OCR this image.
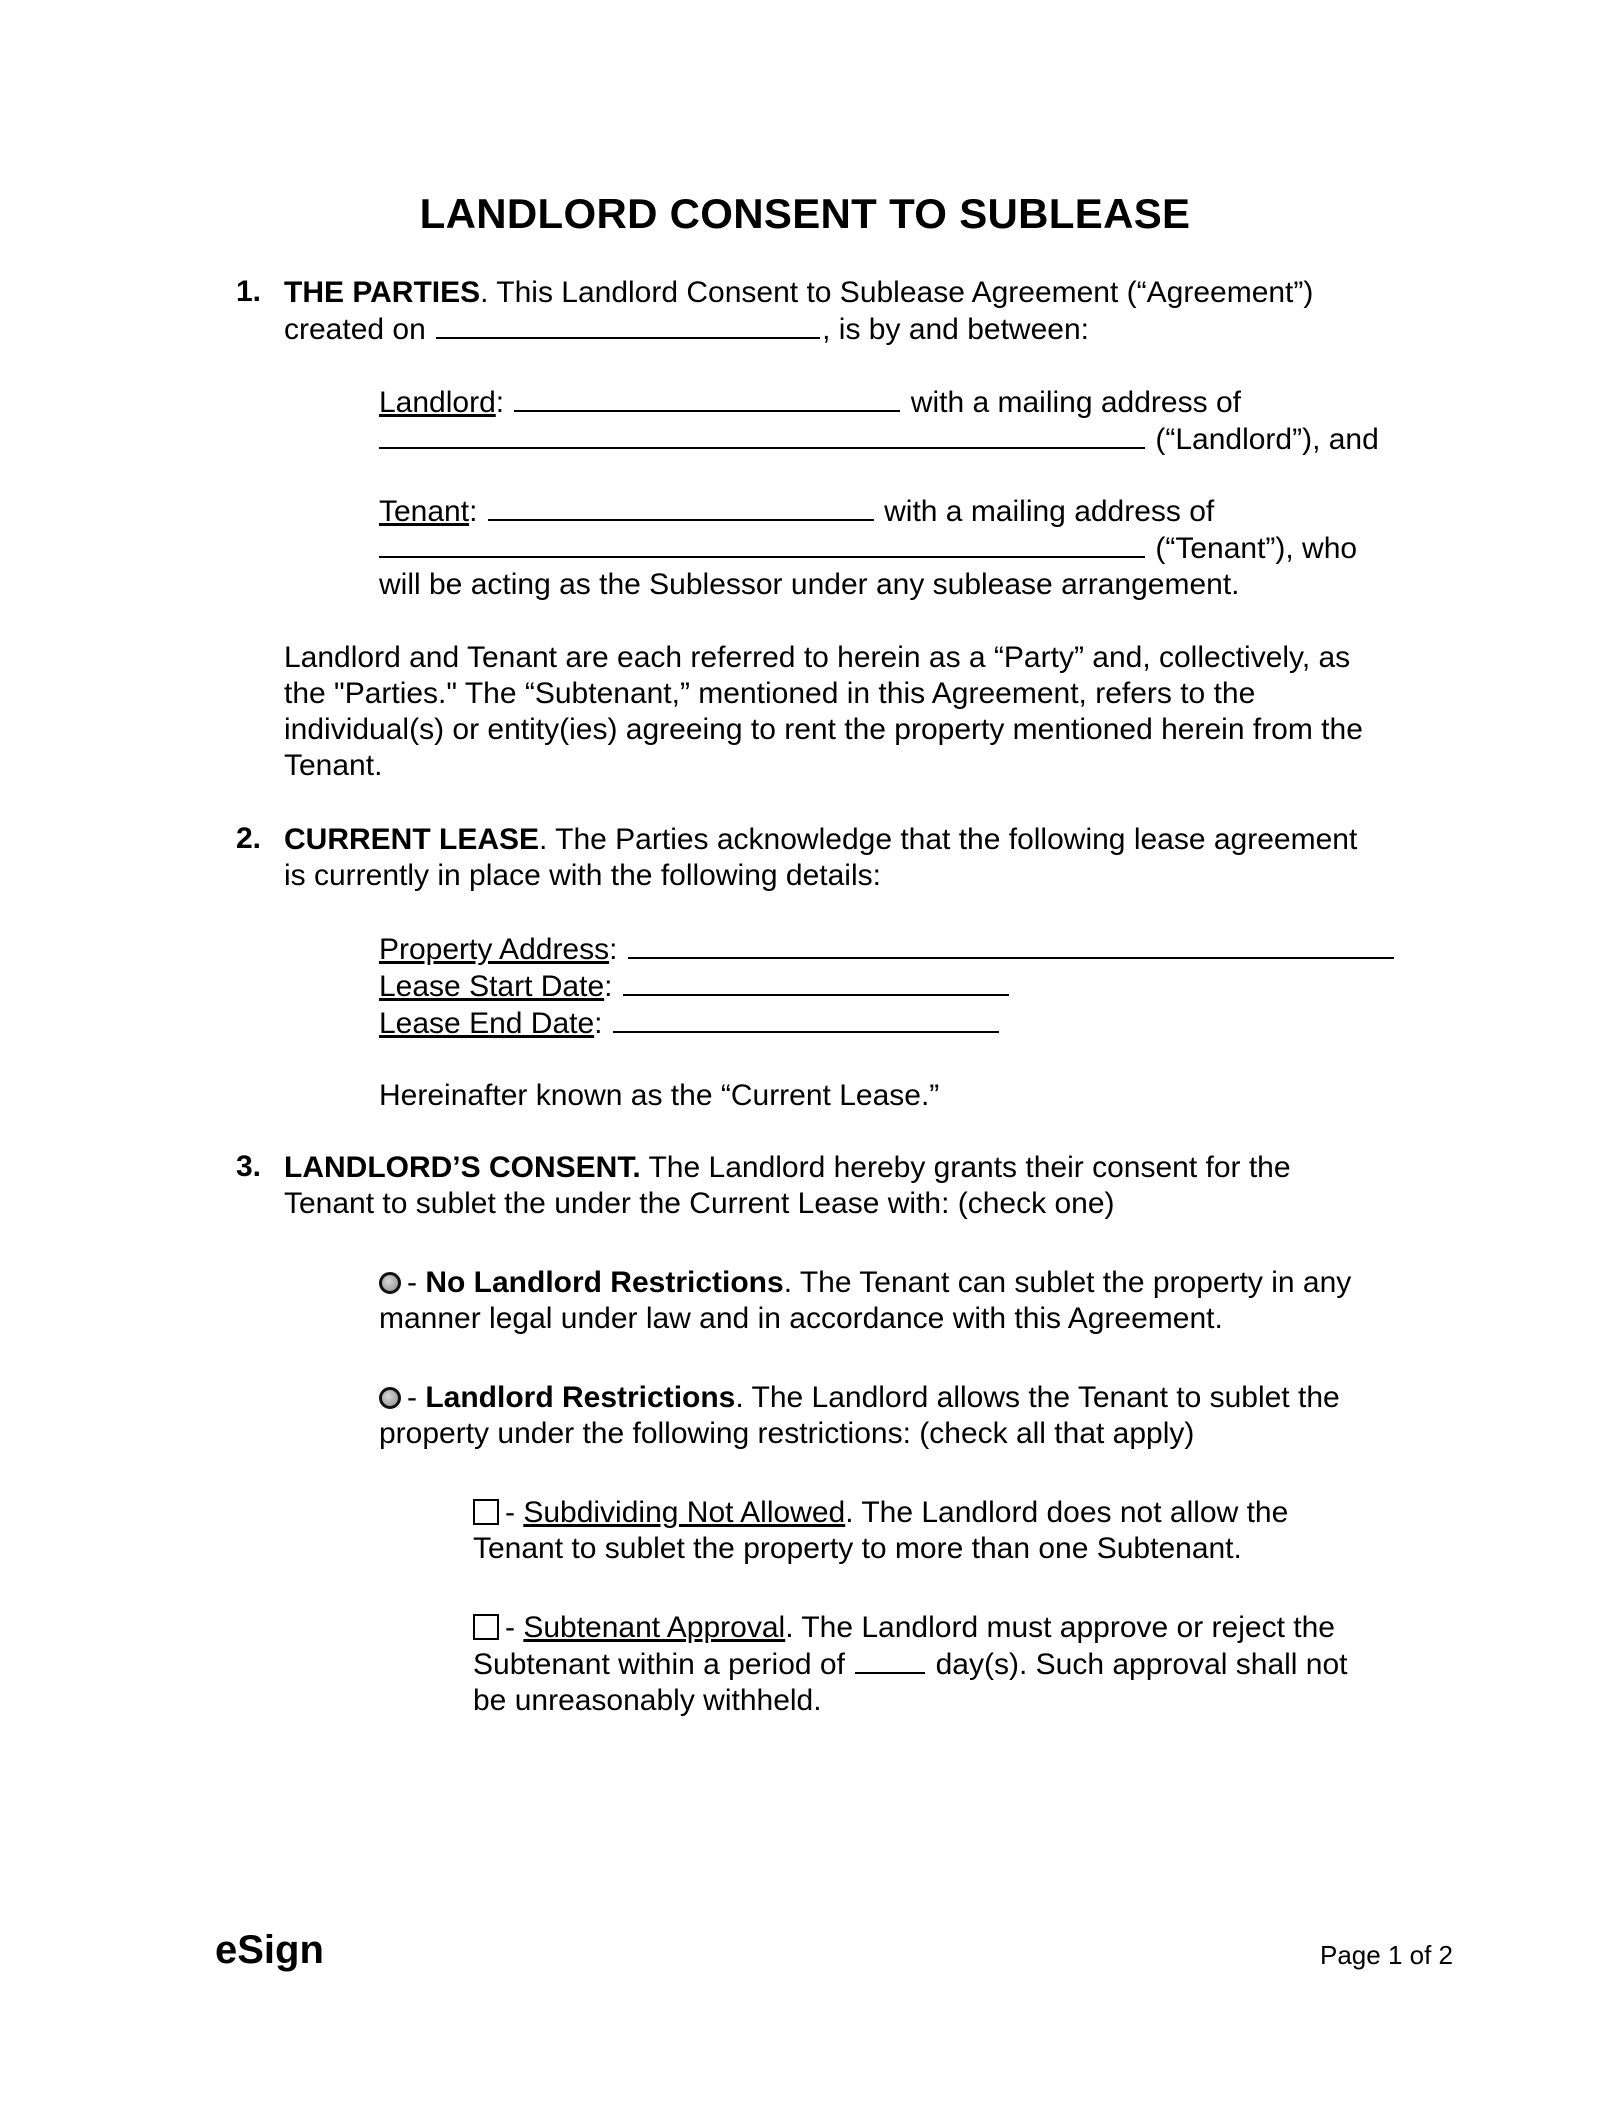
LANDLORD CONSENT TO SUBLEASE
1. THE PARTIES. This Landlord Consent to Sublease Agreement (“Agreement”)
created on	, is by and between:
Landlord:	with a mailing address of
(“Landlord”), and
Tenant:	with a mailing address of
(“Tenant”), who
will be acting as the Sublessor under any sublease arrangement.
Landlord and Tenant are each referred to herein as a “Party” and, collectively, as
the "Parties." The “Subtenant,” mentioned in this Agreement, refers to the
individual(s) or entity(ies) agreeing to rent the property mentioned herein from the
Tenant.
2. CURRENT LEASE. The Parties acknowledge that the following lease agreement
is currently in place with the following details:
Property Address:
Lease Start Date:
Lease End Date:
Hereinafter known as the “Current Lease.”
3. LANDLORD’S CONSENT. The Landlord hereby grants their consent for the
Tenant to sublet the under the Current Lease with: (check one)
- No Landlord Restrictions. The Tenant can sublet the property in any
manner legal under law and in accordance with this Agreement.
- Landlord Restrictions. The Landlord allows the Tenant to sublet the
property under the following restrictions: (check all that apply)
- Subdividing Not Allowed. The Landlord does not allow the
Tenant to sublet the property to more than one Subtenant.
- Subtenant Approval. The Landlord must approve or reject the
Subtenant within a period of	day(s). Such approval shall not
be unreasonably withheld.
eSign	Page 1 of 2
